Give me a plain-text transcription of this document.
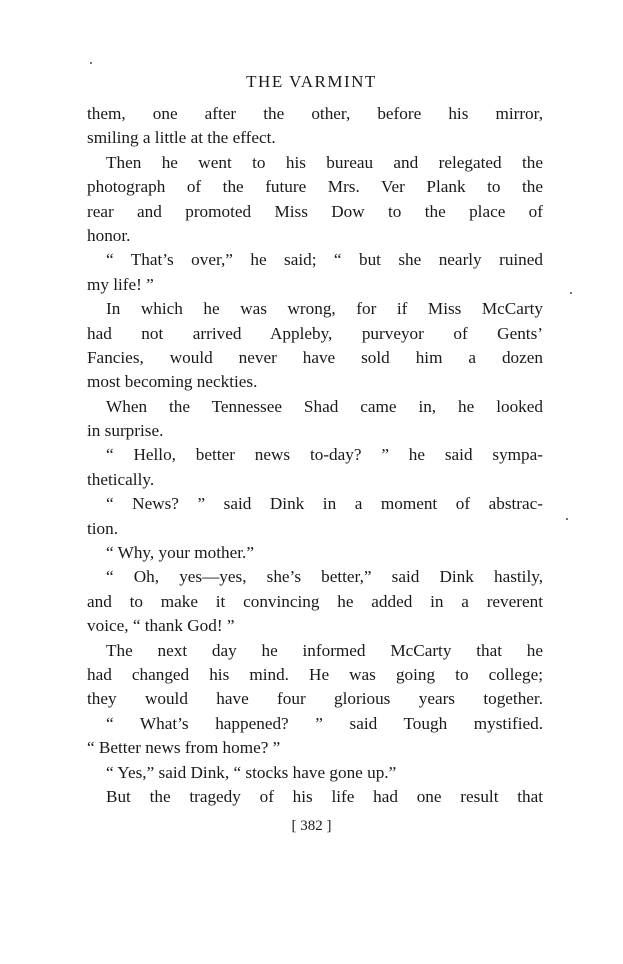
THE VARMINT
them, one after the other, before his mirror,
smiling a little at the effect.
Then he went to his bureau and relegated the
photograph of the future Mrs. Ver Plank to the
rear and promoted Miss Dow to the place of
honor.
“ That’s over,” he said; “ but she nearly ruined
my life! ”
In which he was wrong, for if Miss McCarty
had not arrived Appleby, purveyor of Gents’
Fancies, would never have sold him a dozen
most becoming neckties.
When the Tennessee Shad came in, he looked
in surprise.
“ Hello, better news to-day? ” he said sympa-
thetically.
“ News? ” said Dink in a moment of abstrac-
tion.
“ Why, your mother.”
“ Oh, yes—yes, she’s better,” said Dink hastily,
and to make it convincing he added in a reverent
voice, “ thank God! ”
The next day he informed McCarty that he
had changed his mind. He was going to college;
they would have four glorious years together.
“ What’s happened? ” said Tough mystified.
“ Better news from home? ”
“ Yes,” said Dink, “ stocks have gone up.”
But the tragedy of his life had one result that
[ 382 ]
